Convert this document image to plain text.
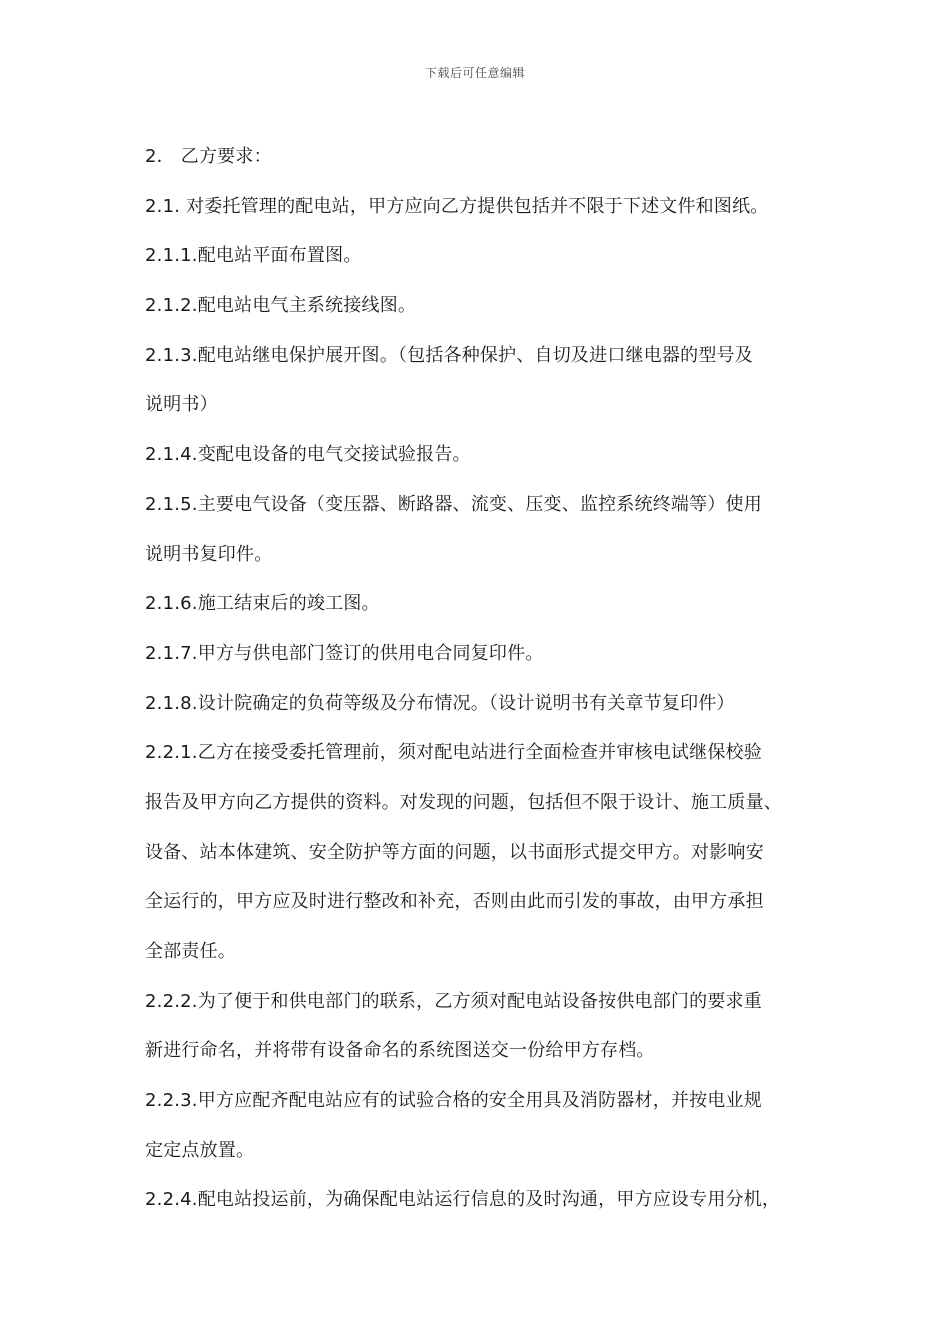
下载后可任意编辑
2． 乙方要求：
2.1. 对委托管理的配电站，甲方应向乙方提供包括并不限于下述文件和图纸。
2.1.1.配电站平面布置图。
2.1.2.配电站电气主系统接线图。
2.1.3.配电站继电保护展开图。（包括各种保护、自切及进口继电器的型号及
说明书）
2.1.4.变配电设备的电气交接试验报告。
2.1.5.主要电气设备（变压器、断路器、流变、压变、监控系统终端等）使用
说明书复印件。
2.1.6.施工结束后的竣工图。
2.1.7.甲方与供电部门签订的供用电合同复印件。
2.1.8.设计院确定的负荷等级及分布情况。（设计说明书有关章节复印件）
2.2.1.乙方在接受委托管理前，须对配电站进行全面检查并审核电试继保校验
报告及甲方向乙方提供的资料。对发现的问题，包括但不限于设计、施工质量、
设备、站本体建筑、安全防护等方面的问题，以书面形式提交甲方。对影响安
全运行的，甲方应及时进行整改和补充，否则由此而引发的事故，由甲方承担
全部责任。
2.2.2.为了便于和供电部门的联系，乙方须对配电站设备按供电部门的要求重
新进行命名，并将带有设备命名的系统图送交一份给甲方存档。
2.2.3.甲方应配齐配电站应有的试验合格的安全用具及消防器材，并按电业规
定定点放置。
2.2.4.配电站投运前，为确保配电站运行信息的及时沟通，甲方应设专用分机，
